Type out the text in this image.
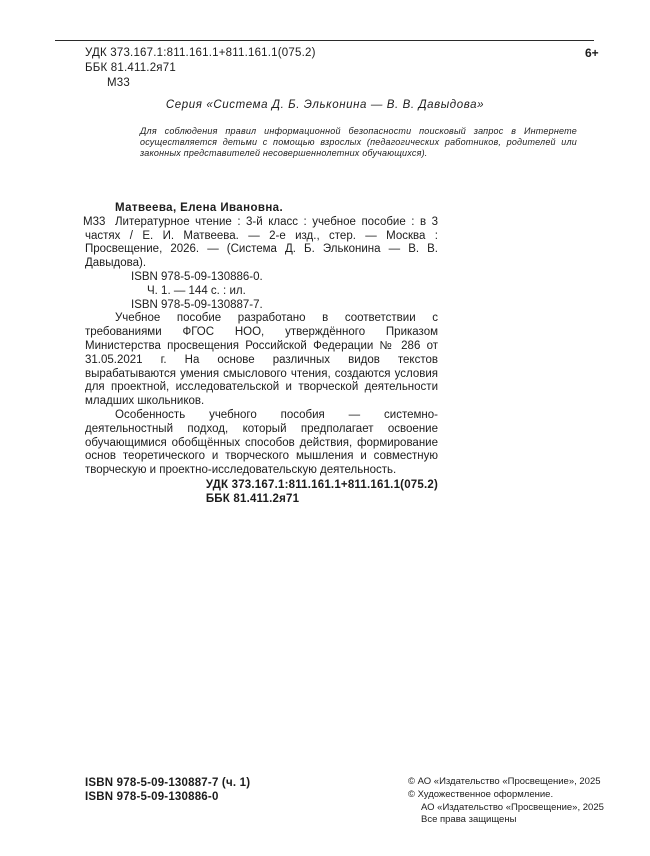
УДК 373.167.1:811.161.1+811.161.1(075.2)
ББК 81.411.2я71
М33
6+
Серия «Система Д. Б. Эльконина — В. В. Давыдова»
Для соблюдения правил информационной безопасности поисковый запрос в Интернете осуществляется детьми с помощью взрослых (педагогических работников, родителей или законных представителей несовершеннолетних обучающихся).
Матвеева, Елена Ивановна.
М33 Литературное чтение : 3-й класс : учебное пособие : в 3 частях / Е. И. Матвеева. — 2-е изд., стер. — Москва : Просвещение, 2026. — (Система Д. Б. Эльконина — В. В. Давыдова).
ISBN 978-5-09-130886-0.
Ч. 1. — 144 с. : ил.
ISBN 978-5-09-130887-7.
Учебное пособие разработано в соответствии с требованиями ФГОС НОО, утверждённого Приказом Министерства просвещения Российской Федерации № 286 от 31.05.2021 г. На основе различных видов текстов вырабатываются умения смыслового чтения, создаются условия для проектной, исследовательской и творческой деятельности младших школьников.
Особенность учебного пособия — системно-деятельностный подход, который предполагает освоение обучающимися обобщённых способов действия, формирование основ теоретического и творческого мышления и совместную творческую и проектно-исследовательскую деятельность.
УДК 373.167.1:811.161.1+811.161.1(075.2)
ББК 81.411.2я71
ISBN 978-5-09-130887-7 (ч. 1)
ISBN 978-5-09-130886-0
© АО «Издательство «Просвещение», 2025
© Художественное оформление.
АО «Издательство «Просвещение», 2025
Все права защищены
